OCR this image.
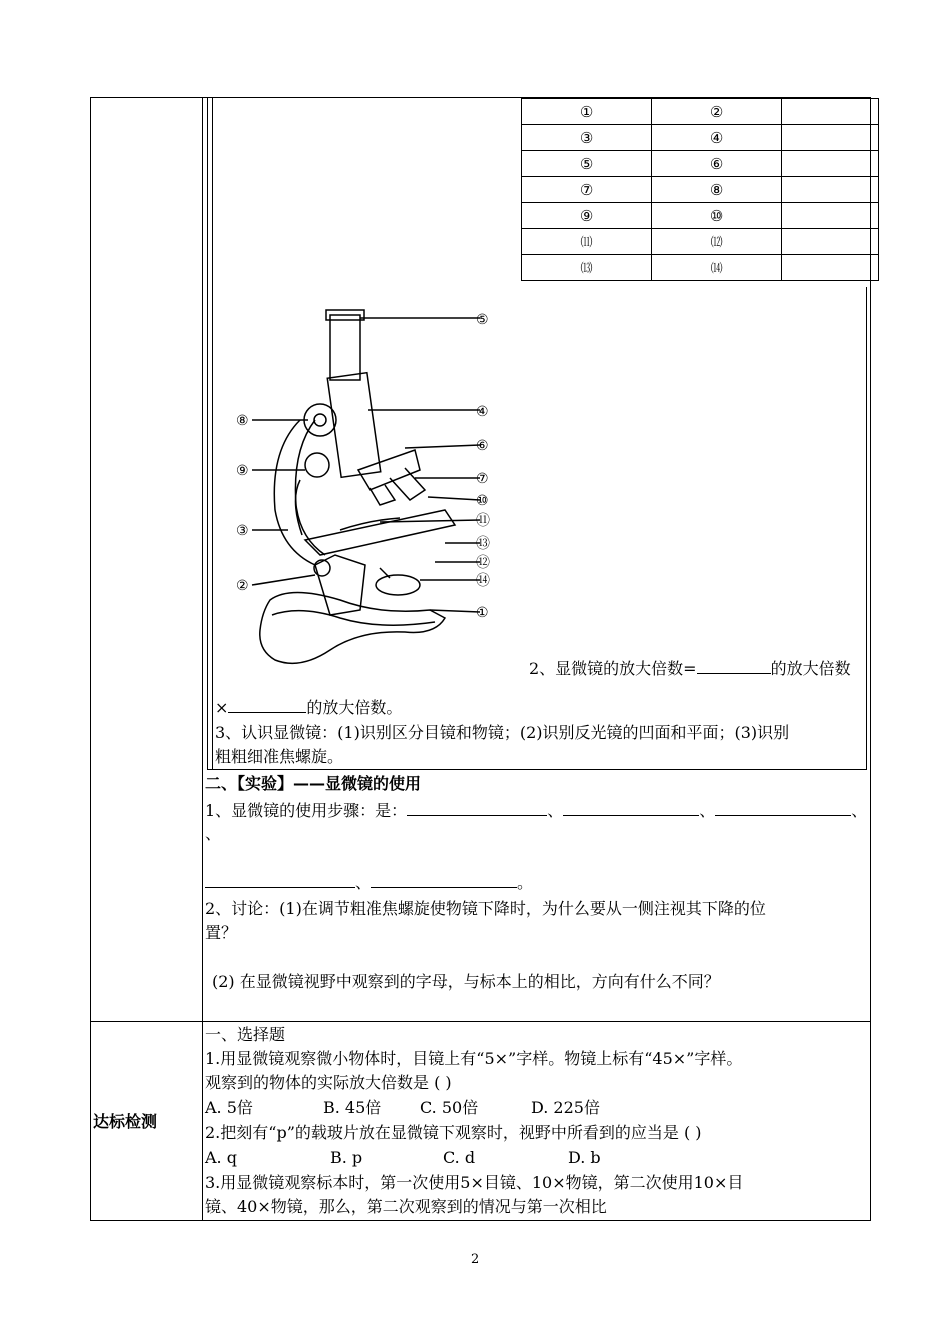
①	②	
③	④	
⑤	⑥	
⑦	⑧	
⑨	⑩	
⑾	⑿	
⒀	⒁	
⑤
④
⑥
⑦
⑩
⑪
⑬
⑫
⑭
①
⑧
⑨
③
②
2、显微镜的放大倍数=	的放大倍数
×	的放大倍数。
3、认识显微镜：(1)识别区分目镜和物镜；(2)识别反光镜的凹面和平面；(3)识别
粗粗细准焦螺旋。
二、【实验】——显微镜的使用
1、显微镜的使用步骤：是：	、	、	、
、
、	。
2、讨论：(1)在调节粗准焦螺旋使物镜下降时，为什么要从一侧注视其下降的位
置？
(2) 在显微镜视野中观察到的字母，与标本上的相比，方向有什么不同？
达标检测
一、选择题
1.用显微镜观察微小物体时，目镜上有“5×”字样。物镜上标有“45×”字样。
观察到的物体的实际放大倍数是 ( )
A. 5倍	B. 45倍 C. 50倍	D. 225倍
2.把刻有“p”的载玻片放在显微镜下观察时，视野中所看到的应当是 ( )
A. q	B. p	C. d	D. b
3.用显微镜观察标本时，第一次使用5×目镜、10×物镜，第二次使用10×目
镜、40×物镜，那么，第二次观察到的情况与第一次相比
2
